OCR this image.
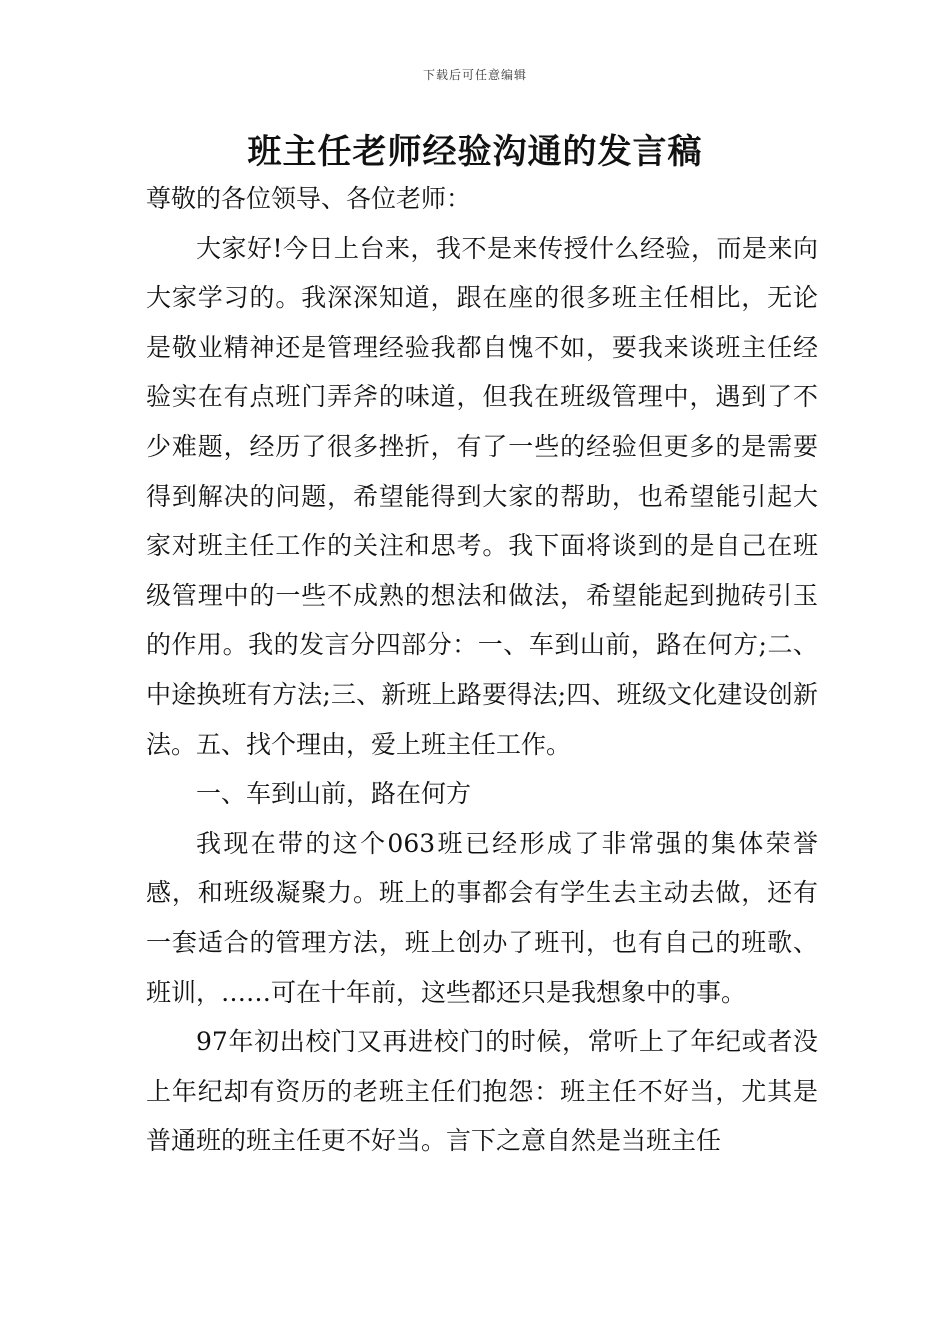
下载后可任意编辑
班主任老师经验沟通的发言稿

尊敬的各位领导、各位老师：

大家好!今日上台来，我不是来传授什么经验，而是来向大家学习的。我深深知道，跟在座的很多班主任相比，无论是敬业精神还是管理经验我都自愧不如，要我来谈班主任经验实在有点班门弄斧的味道，但我在班级管理中，遇到了不少难题，经历了很多挫折，有了一些的经验但更多的是需要得到解决的问题，希望能得到大家的帮助，也希望能引起大家对班主任工作的关注和思考。我下面将谈到的是自己在班级管理中的一些不成熟的想法和做法，希望能起到抛砖引玉的作用。我的发言分四部分：一、车到山前，路在何方;二、中途换班有方法;三、新班上路要得法;四、班级文化建设创新法。五、找个理由，爱上班主任工作。

一、车到山前，路在何方

我现在带的这个063班已经形成了非常强的集体荣誉感，和班级凝聚力。班上的事都会有学生去主动去做，还有一套适合的管理方法，班上创办了班刊，也有自己的班歌、班训，……可在十年前，这些都还只是我想象中的事。

97年初出校门又再进校门的时候，常听上了年纪或者没上年纪却有资历的老班主任们抱怨：班主任不好当，尤其是普通班的班主任更不好当。言下之意自然是当班主任
